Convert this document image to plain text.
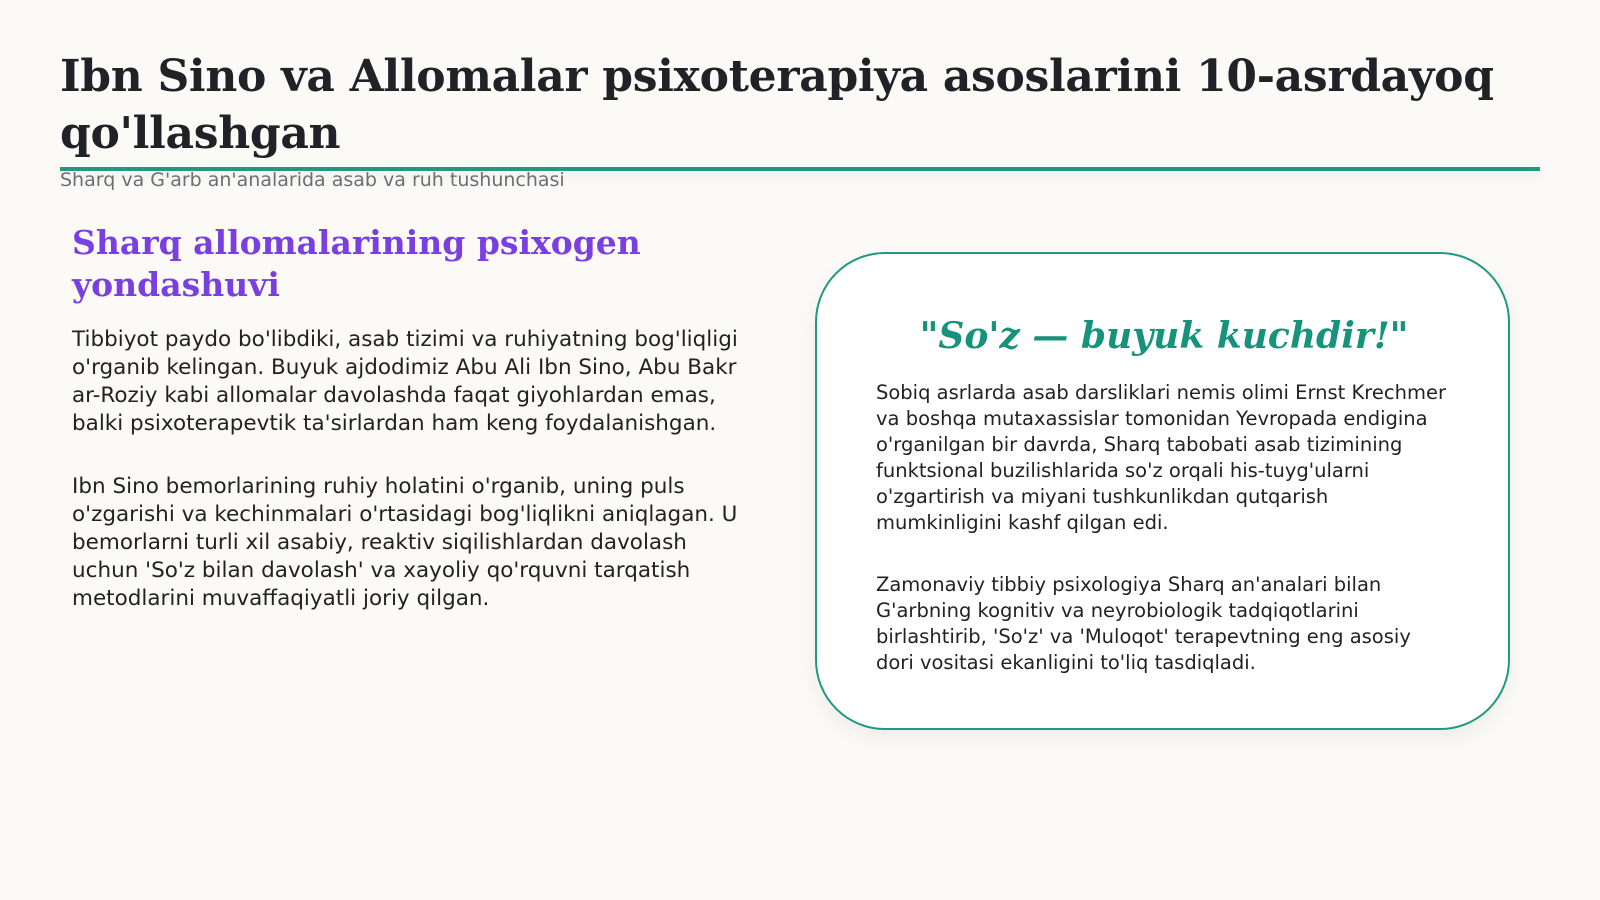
Ibn Sino va Allomalar psixoterapiya asoslarini 10-asrdayoq qo'llashgan
Sharq va G'arb an'analarida asab va ruh tushunchasi
Sharq allomalarining psixogen yondashuvi

Tibbiyot paydo bo'libdiki, asab tizimi va ruhiyatning bog'liqligi o'rganib kelingan. Buyuk ajdodimiz Abu Ali Ibn Sino, Abu Bakr ar-Roziy kabi allomalar davolashda faqat giyohlardan emas, balki psixoterapevtik ta'sirlardan ham keng foydalanishgan.

Ibn Sino bemorlarining ruhiy holatini o'rganib, uning puls o'zgarishi va kechinmalari o'rtasidagi bog'liqlikni aniqlagan. U bemorlarni turli xil asabiy, reaktiv siqilishlardan davolash uchun 'So'z bilan davolash' va xayoliy qo'rquvni tarqatish metodlarini muvaffaqiyatli joriy qilgan.

"So'z — buyuk kuchdir!"

Sobiq asrlarda asab darsliklari nemis olimi Ernst Krechmer va boshqa mutaxassislar tomonidan Yevropada endigina o'rganilgan bir davrda, Sharq tabobati asab tizimining funktsional buzilishlarida so'z orqali his-tuyg'ularni o'zgartirish va miyani tushkunlikdan qutqarish mumkinligini kashf qilgan edi.

Zamonaviy tibbiy psixologiya Sharq an'analari bilan G'arbning kognitiv va neyrobiologik tadqiqotlarini birlashtirib, 'So'z' va 'Muloqot' terapevtning eng asosiy dori vositasi ekanligini to'liq tasdiqladi.
